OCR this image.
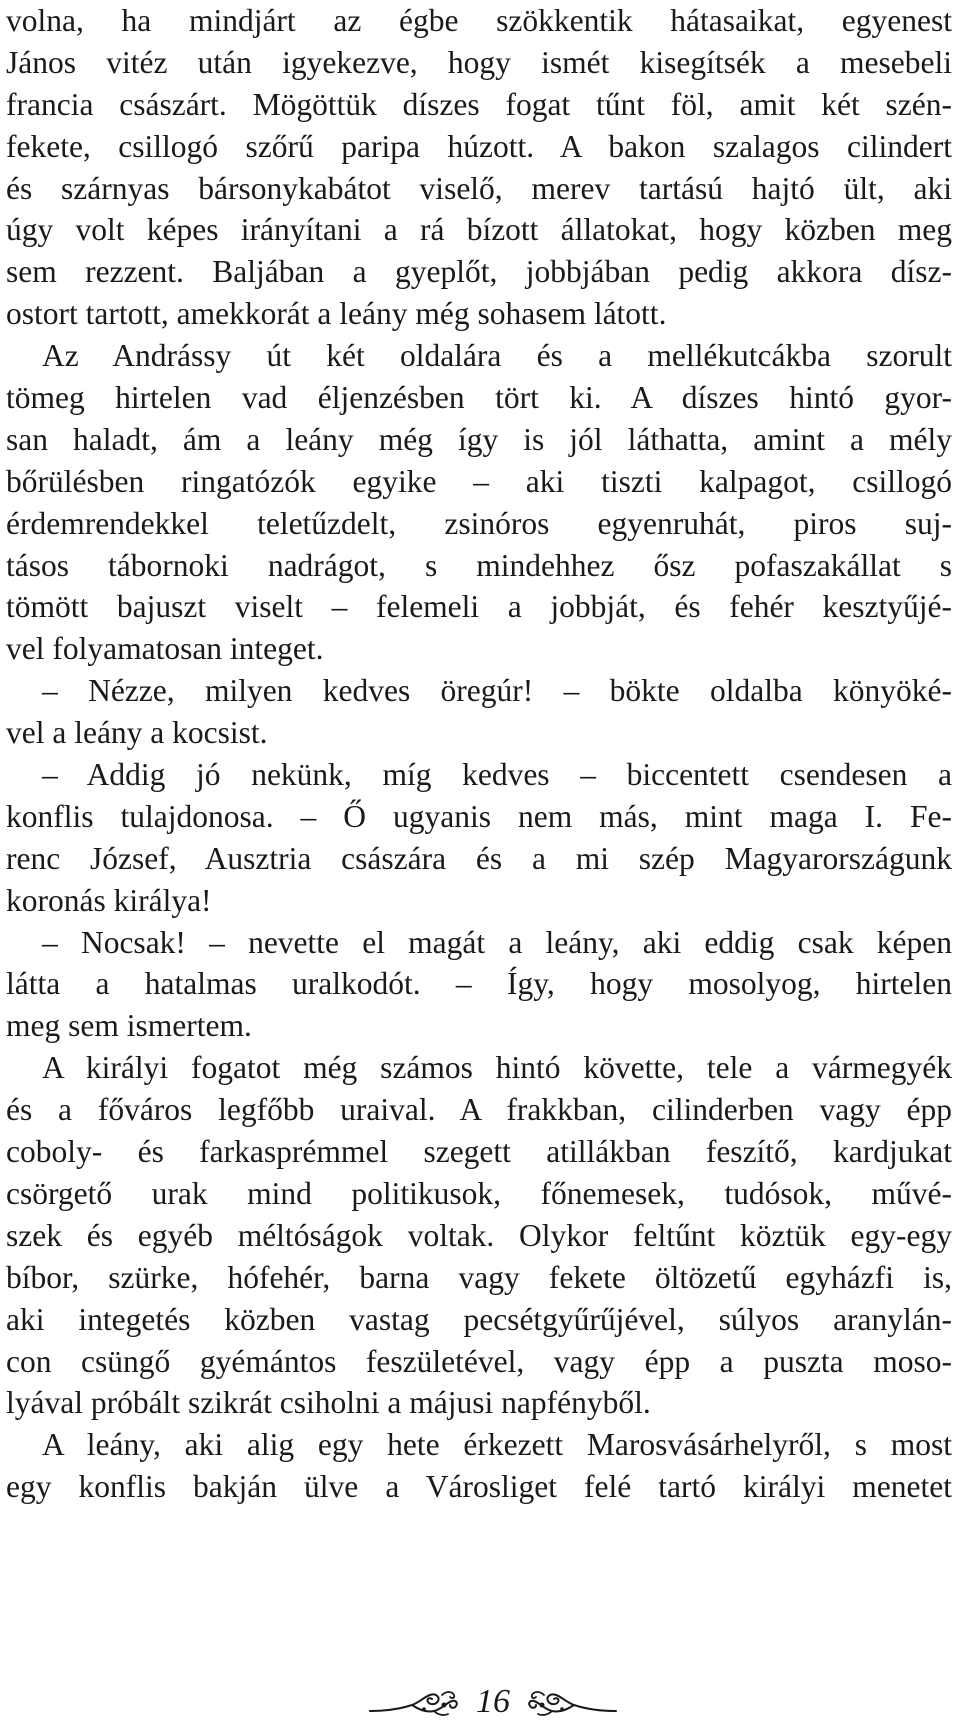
volna, ha mindjárt az égbe szökkentik hátasaikat, egyenest
János vitéz után igyekezve, hogy ismét kisegítsék a mesebeli
francia császárt. Mögöttük díszes fogat tűnt föl, amit két szén-
fekete, csillogó szőrű paripa húzott. A bakon szalagos cilindert
és szárnyas bársonykabátot viselő, merev tartású hajtó ült, aki
úgy volt képes irányítani a rá bízott állatokat, hogy közben meg
sem rezzent. Baljában a gyeplőt, jobbjában pedig akkora dísz-
ostort tartott, amekkorát a leány még sohasem látott.
Az Andrássy út két oldalára és a mellékutcákba szorult
tömeg hirtelen vad éljenzésben tört ki. A díszes hintó gyor-
san haladt, ám a leány még így is jól láthatta, amint a mély
bőrülésben ringatózók egyike – aki tiszti kalpagot, csillogó
érdemrendekkel teletűzdelt, zsinóros egyenruhát, piros suj-
tásos tábornoki nadrágot, s mindehhez ősz pofaszakállat s
tömött bajuszt viselt – felemeli a jobbját, és fehér kesztyűjé-
vel folyamatosan integet.
– Nézze, milyen kedves öregúr! – bökte oldalba könyöké-
vel a leány a kocsist.
– Addig jó nekünk, míg kedves – biccentett csendesen a
konflis tulajdonosa. – Ő ugyanis nem más, mint maga I. Fe-
renc József, Ausztria császára és a mi szép Magyarországunk
koronás királya!
– Nocsak! – nevette el magát a leány, aki eddig csak képen
látta a hatalmas uralkodót. – Így, hogy mosolyog, hirtelen
meg sem ismertem.
A királyi fogatot még számos hintó követte, tele a vármegyék
és a főváros legfőbb uraival. A frakkban, cilinderben vagy épp
coboly- és farkasprémmel szegett atillákban feszítő, kardjukat
csörgető urak mind politikusok, főnemesek, tudósok, művé-
szek és egyéb méltóságok voltak. Olykor feltűnt köztük egy-egy
bíbor, szürke, hófehér, barna vagy fekete öltözetű egyházfi is,
aki integetés közben vastag pecsétgyűrűjével, súlyos aranylán-
con csüngő gyémántos feszületével, vagy épp a puszta moso-
lyával próbált szikrát csiholni a májusi napfényből.
A leány, aki alig egy hete érkezett Marosvásárhelyről, s most
egy konflis bakján ülve a Városliget felé tartó királyi menetet
16
